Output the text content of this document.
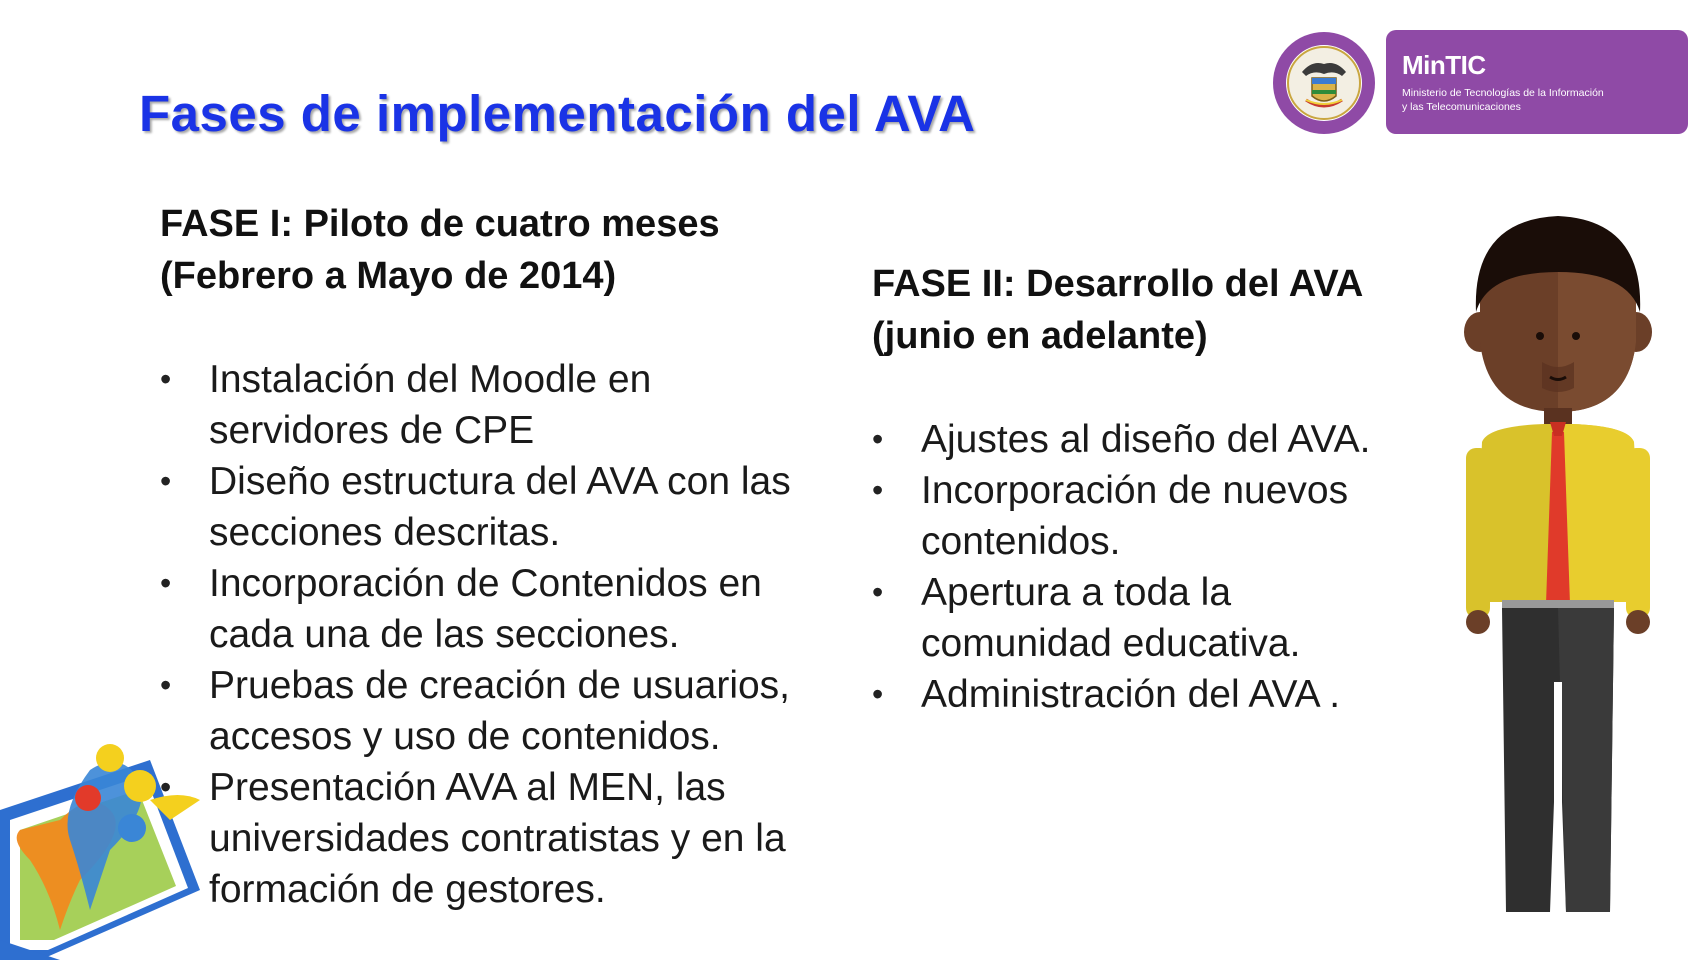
Fases de implementación del AVA
MinTIC
Ministerio de Tecnologías de la Información
y las Telecomunicaciones
FASE I: Piloto de cuatro meses
(Febrero a Mayo de 2014)
• Instalación del Moodle en servidores de CPE
• Diseño estructura del AVA con las secciones descritas.
• Incorporación de Contenidos en cada una de las secciones.
• Pruebas de creación de usuarios, accesos y uso de contenidos.
• Presentación AVA al MEN, las universidades contratistas y en la formación de gestores.
FASE II: Desarrollo del AVA
(junio en adelante)
• Ajustes al diseño del AVA.
• Incorporación de nuevos contenidos.
• Apertura a toda la comunidad educativa.
• Administración del AVA .
